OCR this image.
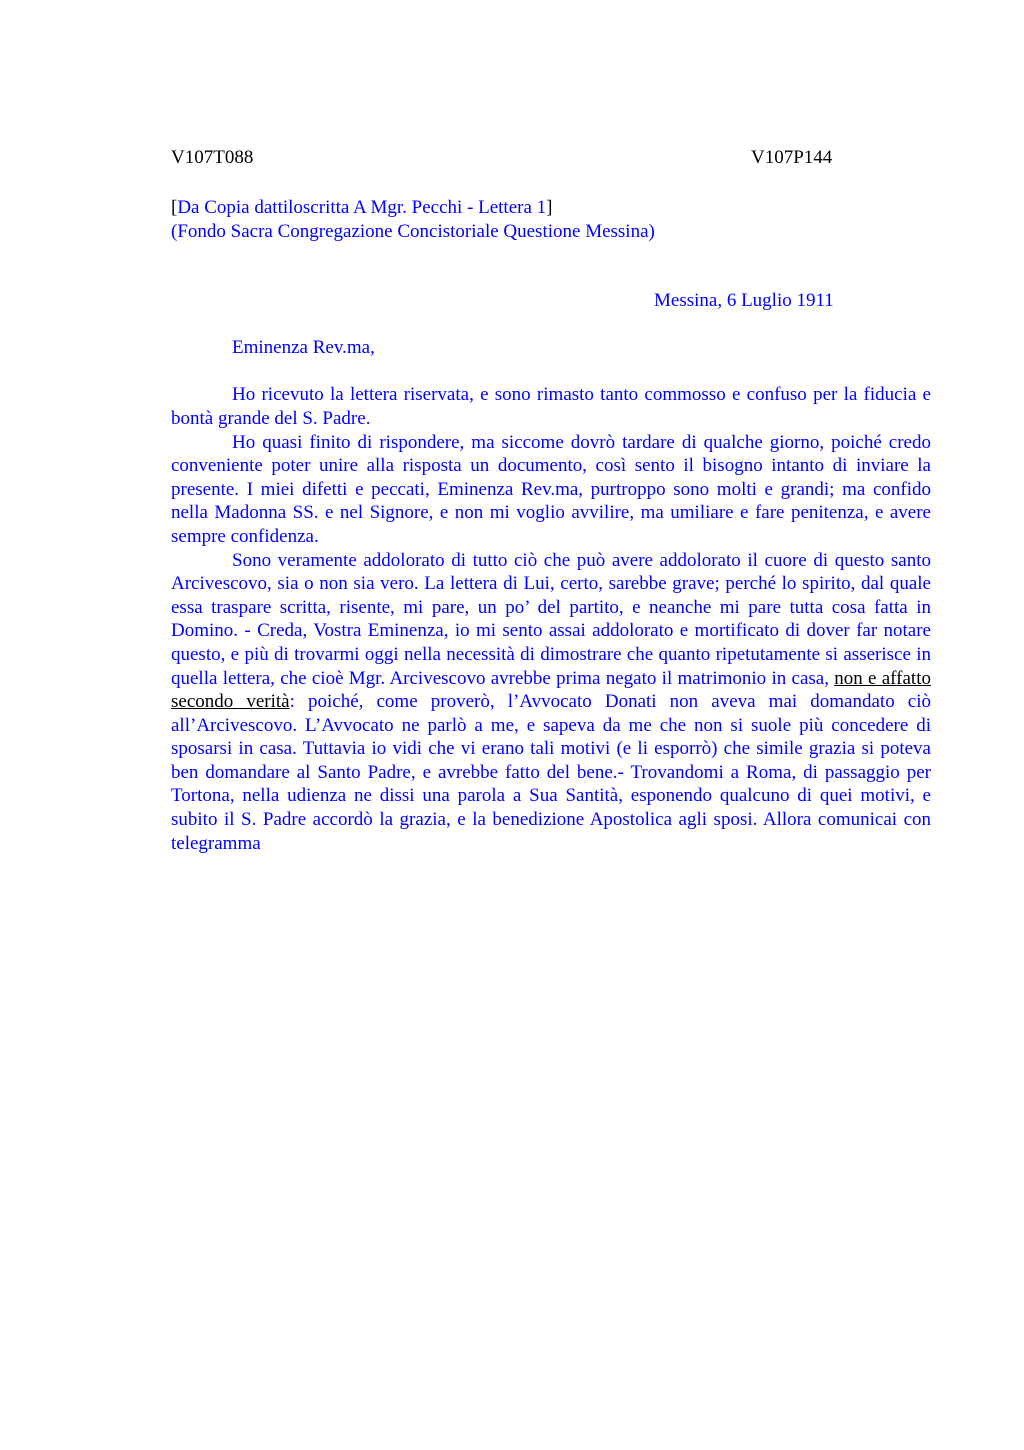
V107T088	V107P144
[Da Copia dattiloscritta A Mgr. Pecchi - Lettera 1]
(Fondo Sacra Congregazione Concistoriale Questione Messina)
Messina, 6 Luglio 1911
Eminenza Rev.ma,

Ho ricevuto la lettera riservata, e sono rimasto tanto commosso e confuso per la fiducia e bontà grande del S. Padre.

Ho quasi finito di rispondere, ma siccome dovrò tardare di qualche giorno, poiché credo conveniente poter unire alla risposta un documento, così sento il bisogno intanto di inviare la presente. I miei difetti e peccati, Eminenza Rev.ma, purtroppo sono molti e grandi; ma confido nella Madonna SS. e nel Signore, e non mi voglio avvilire, ma umiliare e fare penitenza, e avere sempre confidenza.

Sono veramente addolorato di tutto ciò che può avere addolorato il cuore di questo santo Arcivescovo, sia o non sia vero. La lettera di Lui, certo, sarebbe grave; perché lo spirito, dal quale essa traspare scritta, risente, mi pare, un po’ del partito, e neanche mi pare tutta cosa fatta in Domino. - Creda, Vostra Eminenza, io mi sento assai addolorato e mortificato di dover far notare questo, e più di trovarmi oggi nella necessità di dimostrare che quanto ripetutamente si asserisce in quella lettera, che cioè Mgr. Arcivescovo avrebbe prima negato il matrimonio in casa, non e affatto secondo verità: poiché, come proverò, l’Avvocato Donati non aveva mai domandato ciò all’Arcivescovo. L’Avvocato ne parlò a me, e sapeva da me che non si suole più concedere di sposarsi in casa. Tuttavia io vidi che vi erano tali motivi (e li esporrò) che simile grazia si poteva ben domandare al Santo Padre, e avrebbe fatto del bene.- Trovandomi a Roma, di passaggio per Tortona, nella udienza ne dissi una parola a Sua Santità, esponendo qualcuno di quei motivi, e subito il S. Padre accordò la grazia, e la benedizione Apostolica agli sposi. Allora comunicai con telegramma
